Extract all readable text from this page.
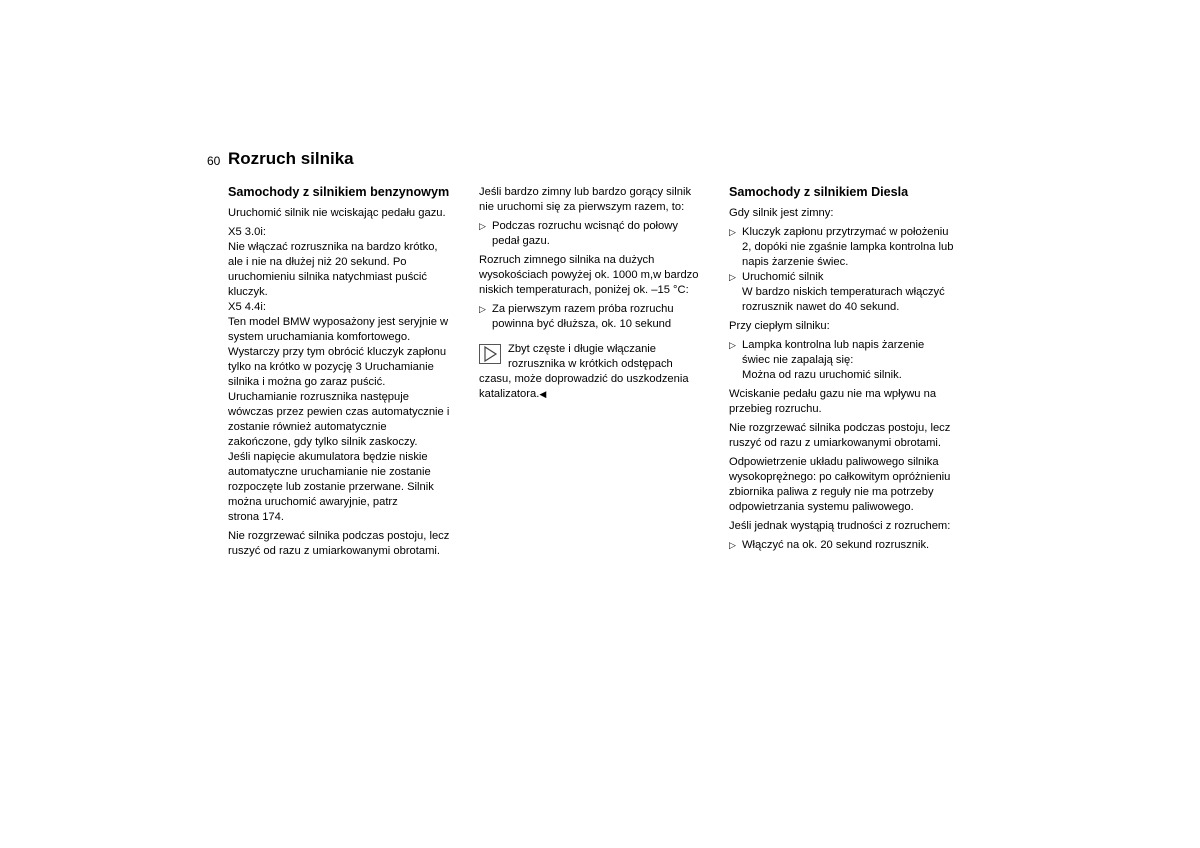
60 Rozruch silnika
Samochody z silnikiem benzynowym

Uruchomić silnik nie wciskając pedału gazu.

X5 3.0i:
Nie włączać rozrusznika na bardzo krótko,
ale i nie na dłużej niż 20 sekund. Po
uruchomieniu silnika natychmiast puścić
kluczyk.
X5 4.4i:
Ten model BMW wyposażony jest seryjnie w
system uruchamiania komfortowego.
Wystarczy przy tym obrócić kluczyk zapłonu
tylko na krótko w pozycję 3 Uruchamianie
silnika i można go zaraz puścić.
Uruchamianie rozrusznika następuje
wówczas przez pewien czas automatycznie i
zostanie również automatycznie
zakończone, gdy tylko silnik zaskoczy.
Jeśli napięcie akumulatora będzie niskie
automatyczne uruchamianie nie zostanie
rozpoczęte lub zostanie przerwane. Silnik
można uruchomić awaryjnie, patrz
strona 174.

Nie rozgrzewać silnika podczas postoju, lecz
ruszyć od razu z umiarkowanymi obrotami.

Jeśli bardzo zimny lub bardzo gorący silnik
nie uruchomi się za pierwszym razem, to:

▷ Podczas rozruchu wcisnąć do połowy
pedał gazu.

Rozruch zimnego silnika na dużych
wysokościach powyżej ok. 1000 m,w bardzo
niskich temperaturach, poniżej ok. –15 °C:

▷ Za pierwszym razem próba rozruchu
powinna być dłuższa, ok. 10 sekund
Zbyt częste i długie włączanie
rozrusznika w krótkich odstępach
czasu, może doprowadzić do uszkodzenia
katalizatora.◀
Samochody z silnikiem Diesla

Gdy silnik jest zimny:

▷ Kluczyk zapłonu przytrzymać w położeniu
2, dopóki nie zgaśnie lampka kontrolna lub
napis żarzenie świec.
▷ Uruchomić silnik
W bardzo niskich temperaturach włączyć
rozrusznik nawet do 40 sekund.

Przy ciepłym silniku:

▷ Lampka kontrolna lub napis żarzenie
świec nie zapalają się:
Można od razu uruchomić silnik.

Wciskanie pedału gazu nie ma wpływu na
przebieg rozruchu.

Nie rozgrzewać silnika podczas postoju, lecz
ruszyć od razu z umiarkowanymi obrotami.

Odpowietrzenie układu paliwowego silnika
wysokoprężnego: po całkowitym opróżnieniu
zbiornika paliwa z reguły nie ma potrzeby
odpowietrzania systemu paliwowego.

Jeśli jednak wystąpią trudności z rozruchem:

▷ Włączyć na ok. 20 sekund rozrusznik.
